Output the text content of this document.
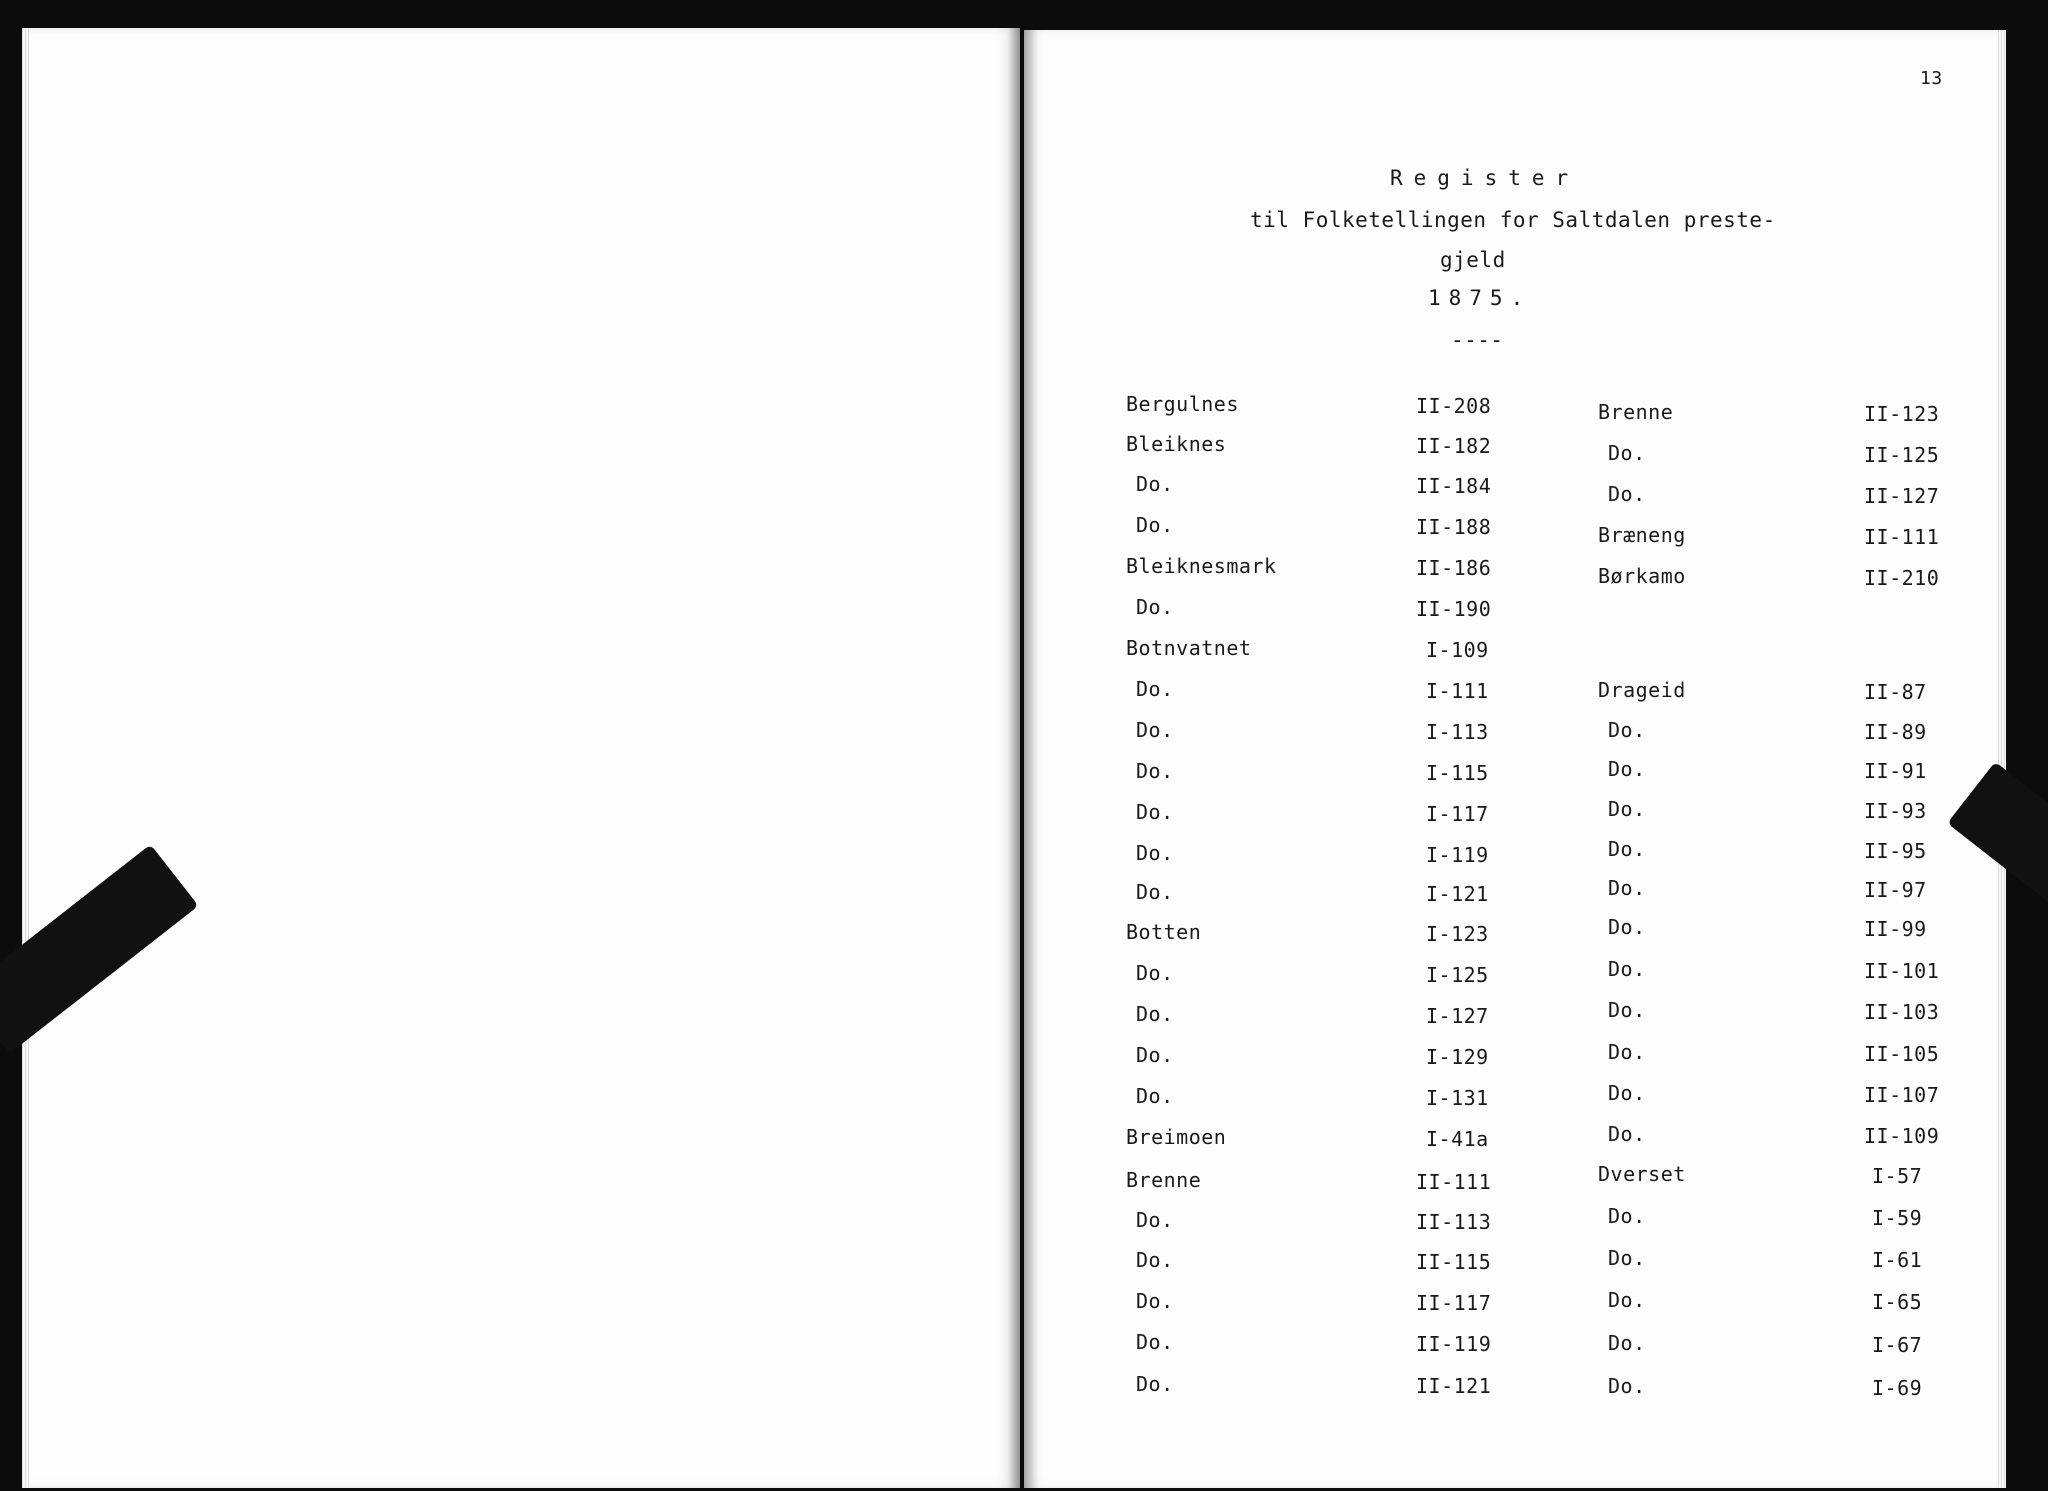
13
Register
til Folketellingen for Saltdalen preste-
gjeld
1875.
----
Bergulnes	II-208
Bleiknes	II-182
Do.	II-184
Do.	II-188
Bleiknesmark	II-186
Do.	II-190
Botnvatnet	I-109
Do.	I-111
Do.	I-113
Do.	I-115
Do.	I-117
Do.	I-119
Do.	I-121
Botten	I-123
Do.	I-125
Do.	I-127
Do.	I-129
Do.	I-131
Breimoen	I-41a
Brenne	II-111
Do.	II-113
Do.	II-115
Do.	II-117
Do.	II-119
Do.	II-121
Brenne	II-123
Do.	II-125
Do.	II-127
Bræneng	II-111
Børkamo	II-210
Drageid	II-87
Do.	II-89
Do.	II-91
Do.	II-93
Do.	II-95
Do.	II-97
Do.	II-99
Do.	II-101
Do.	II-103
Do.	II-105
Do.	II-107
Do.	II-109
Dverset	I-57
Do.	I-59
Do.	I-61
Do.	I-65
Do.	I-67
Do.	I-69
